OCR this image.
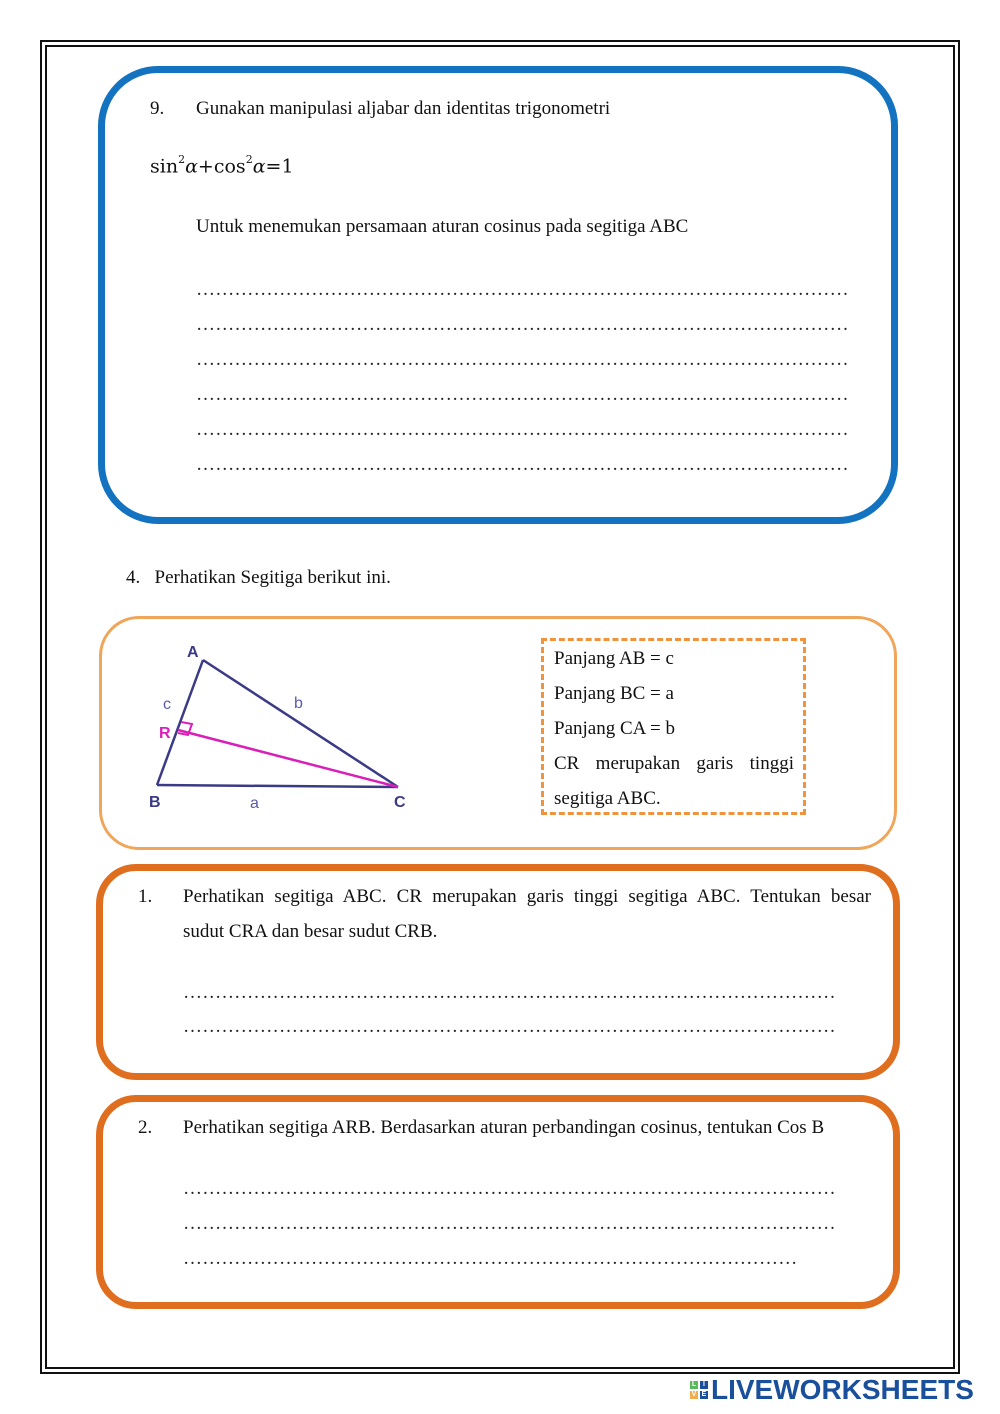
9. Gunakan manipulasi aljabar dan identitas trigonometri
$\sin^2\alpha+\cos^2\alpha=1$
Untuk menemukan persamaan aturan cosinus pada segitiga ABC
…………………………………………………………………………………………
…………………………………………………………………………………………
…………………………………………………………………………………………
…………………………………………………………………………………………
…………………………………………………………………………………………
…………………………………………………………………………………………
4.   Perhatikan Segitiga berikut ini.
A
B	C
R
c	b
a
Panjang AB = c
Panjang BC = a
Panjang CA = b
CR merupakan garis tinggi
segitiga ABC.
1. Perhatikan segitiga ABC. CR merupakan garis tinggi segitiga ABC. Tentukan besar
sudut CRA dan besar sudut CRB.
…………………………………………………………………………………………
…………………………………………………………………………………………
2. Perhatikan segitiga ARB. Berdasarkan aturan perbandingan cosinus, tentukan Cos B
…………………………………………………………………………………………
…………………………………………………………………………………………
……………………………………………………………………………………
L I
V E LIVEWORKSHEETS
